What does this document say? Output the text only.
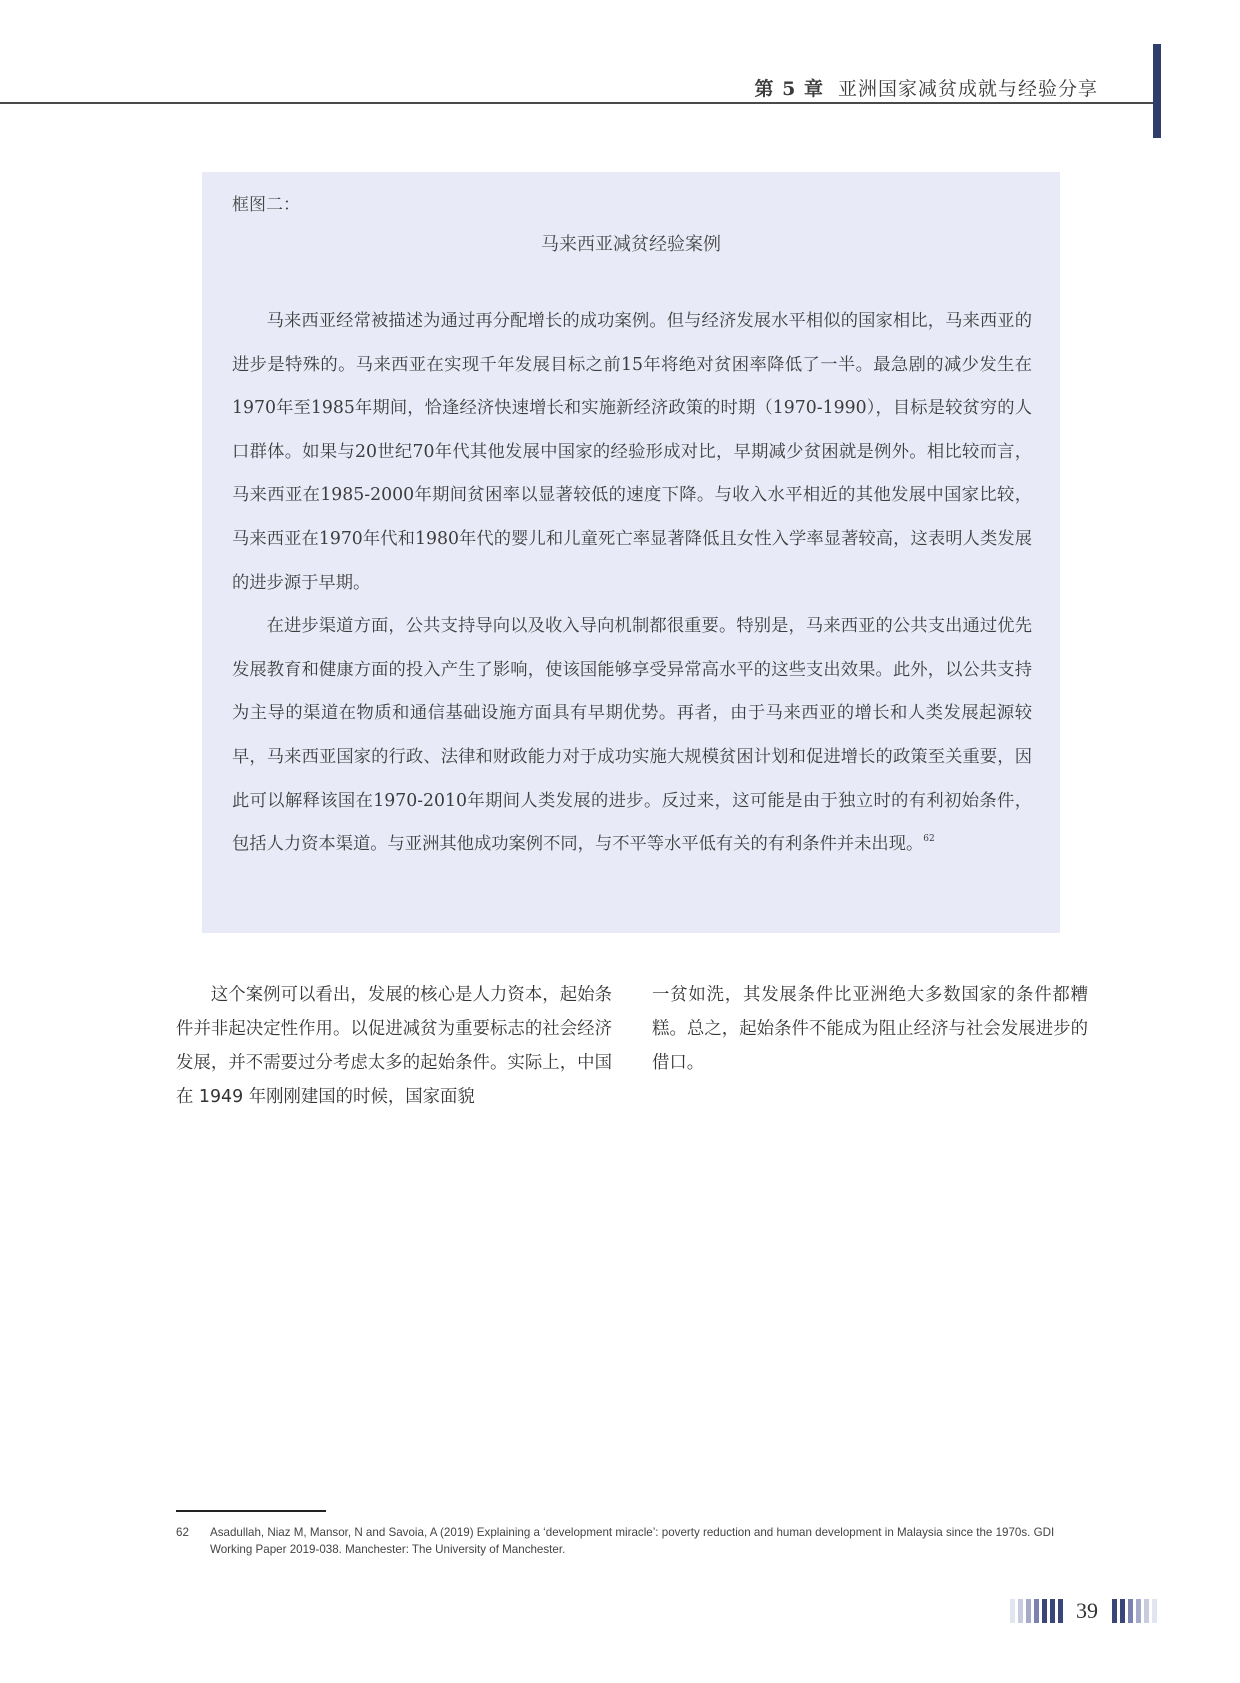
第 5 章 亚洲国家减贫成就与经验分享
框图二：
马来西亚减贫经验案例

马来西亚经常被描述为通过再分配增长的成功案例。但与经济发展水平相似的国家相比，马来西亚的进步是特殊的。马来西亚在实现千年发展目标之前15年将绝对贫困率降低了一半。最急剧的减少发生在1970年至1985年期间，恰逢经济快速增长和实施新经济政策的时期（1970-1990），目标是较贫穷的人口群体。如果与20世纪70年代其他发展中国家的经验形成对比，早期减少贫困就是例外。相比较而言，马来西亚在1985-2000年期间贫困率以显著较低的速度下降。与收入水平相近的其他发展中国家比较，马来西亚在1970年代和1980年代的婴儿和儿童死亡率显著降低且女性入学率显著较高，这表明人类发展的进步源于早期。

在进步渠道方面，公共支持导向以及收入导向机制都很重要。特别是，马来西亚的公共支出通过优先发展教育和健康方面的投入产生了影响，使该国能够享受异常高水平的这些支出效果。此外，以公共支持为主导的渠道在物质和通信基础设施方面具有早期优势。再者，由于马来西亚的增长和人类发展起源较早，马来西亚国家的行政、法律和财政能力对于成功实施大规模贫困计划和促进增长的政策至关重要，因此可以解释该国在1970-2010年期间人类发展的进步。反过来，这可能是由于独立时的有利初始条件，包括人力资本渠道。与亚洲其他成功案例不同，与不平等水平低有关的有利条件并未出现。$^{62}$

这个案例可以看出，发展的核心是人力资本，起始条件并非起决定性作用。以促进减贫为重要标志的社会经济发展，并不需要过分考虑太多的起始条件。实际上，中国在 1949 年刚刚建国的时候，国家面貌

一贫如洗，其发展条件比亚洲绝大多数国家的条件都糟糕。总之，起始条件不能成为阻止经济与社会发展进步的借口。

62	Asadullah, Niaz M, Mansor, N and Savoia, A (2019) Explaining a ‘development miracle’: poverty reduction and human development in Malaysia since the 1970s. GDI Working Paper 2019-038. Manchester: The University of Manchester.
39
